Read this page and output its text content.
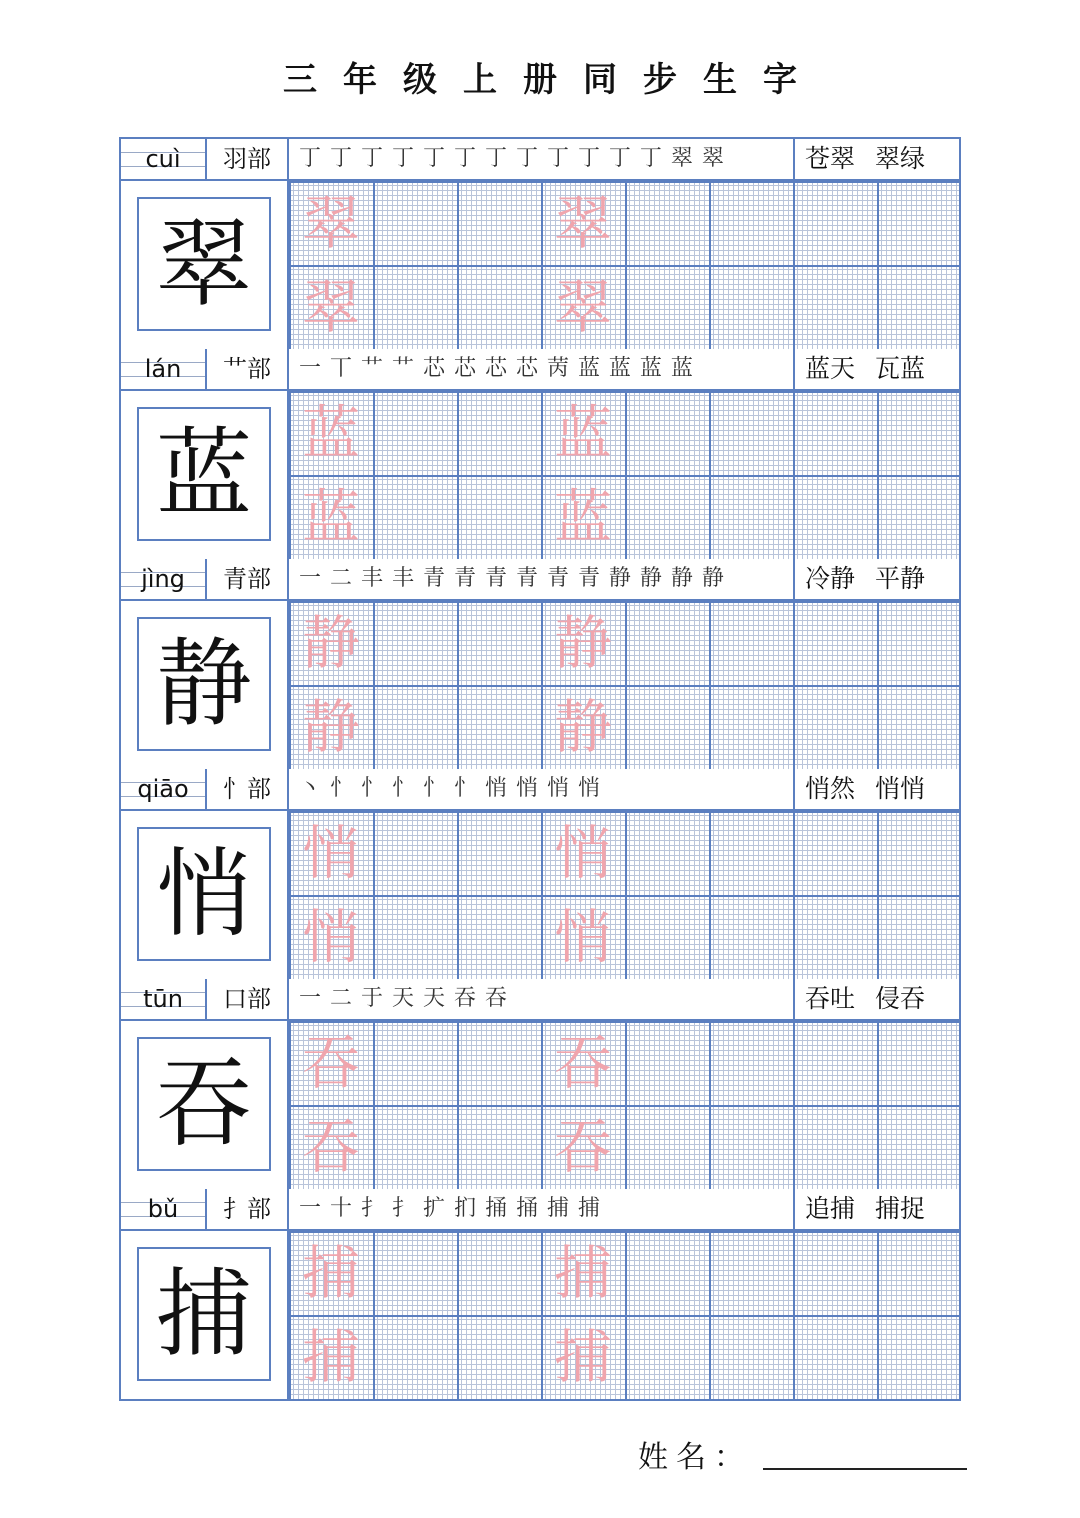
三年级上册同步生字
cuì	羽部	丁 丁 丁 丁 丁 丁 丁 丁 丁 丁 丁 丁 翠 翠	苍翠 翠绿
翠 翠
翠
翠
翠
lán	艹部	一 丅 艹 艹 芯 芯 芯 芯 苪 蓝 蓝 蓝 蓝	蓝天 瓦蓝
蓝 蓝
蓝
蓝
蓝
jìng	青部	一 二 丰 丰 青 青 青 青 青 青 静 静 静 静	冷静 平静
静 静
静
静
静
qiāo	忄部	丶 忄 忄 忄 忄 忄 悄 悄 悄 悄	悄然 悄悄
悄 悄
悄
悄
悄
tūn	口部	一 二 于 天 天 吞 吞	吞吐 侵吞
吞 吞
吞
吞
吞
bǔ	扌部	一 十 扌 扌 扩 扪 捅 捅 捕 捕	追捕 捕捉
捕 捕
捕
捕
捕
姓名：
